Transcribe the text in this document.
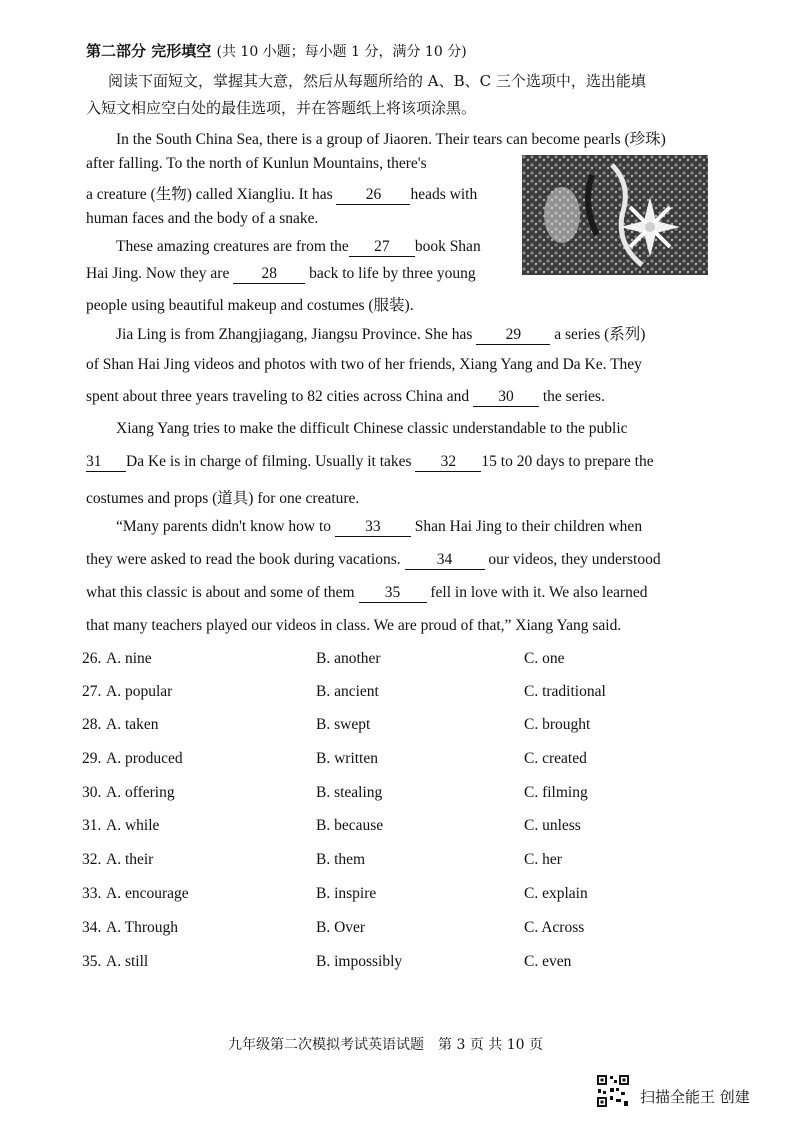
第二部分 完形填空 (共 10 小题；每小题 1 分，满分 10 分)
阅读下面短文，掌握其大意，然后从每题所给的 A、B、C 三个选项中，选出能填
入短文相应空白处的最佳选项，并在答题纸上将该项涂黑。
In the South China Sea, there is a group of Jiaoren. Their tears can become pearls (珍珠)
after falling. To the north of Kunlun Mountains, there's
a creature (生物) called Xiangliu. It has 26 heads with
human faces and the body of a snake.
These amazing creatures are from the 27 book Shan
Hai Jing. Now they are 28 back to life by three young
people using beautiful makeup and costumes (服装).
Jia Ling is from Zhangjiagang, Jiangsu Province. She has 29 a series (系列)
of Shan Hai Jing videos and photos with two of her friends, Xiang Yang and Da Ke. They
spent about three years traveling to 82 cities across China and 30 the series.
Xiang Yang tries to make the difficult Chinese classic understandable to the public
31 Da Ke is in charge of filming. Usually it takes 32 15 to 20 days to prepare the
costumes and props (道具) for one creature.
“Many parents didn't know how to 33 Shan Hai Jing to their children when
they were asked to read the book during vacations. 34 our videos, they understood
what this classic is about and some of them 35 fell in love with it. We also learned
that many teachers played our videos in class. We are proud of that,” Xiang Yang said.
26. A. nine	B. another	C. one
27. A. popular	B. ancient	C. traditional
28. A. taken	B. swept	C. brought
29. A. produced	B. written	C. created
30. A. offering	B. stealing	C. filming
31. A. while	B. because	C. unless
32. A. their	B. them	C. her
33. A. encourage	B. inspire	C. explain
34. A. Through	B. Over	C. Across
35. A. still	B. impossibly	C. even
九年级第二次模拟考试英语试题　第 3 页 共 10 页
扫描全能王 创建
